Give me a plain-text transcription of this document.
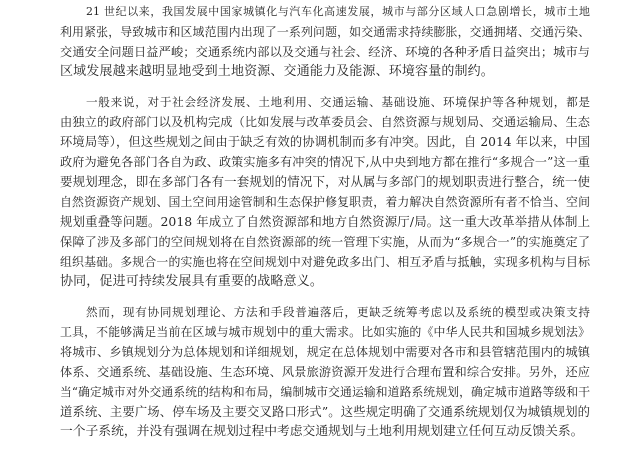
21 世纪以来，我国发展中国家城镇化与汽车化高速发展，城市与部分区域人口急剧增长，城市土地
利用紧张，导致城市和区域范围内出现了一系列问题，如交通需求持续膨胀，交通拥堵、交通污染、
交通安全问题日益严峻；交通系统内部以及交通与社会、经济、环境的各种矛盾日益突出；城市与
区域发展越来越明显地受到土地资源、交通能力及能源、环境容量的制约。
一般来说，对于社会经济发展、土地利用、交通运输、基础设施、环境保护等各种规划，都是
由独立的政府部门以及机构完成（比如发展与改革委员会、自然资源与规划局、交通运输局、生态
环境局等），但这些规划之间由于缺乏有效的协调机制而多有冲突。因此，自 2014 年以来，中国
政府为避免各部门各自为政、政策实施多有冲突的情况下,从中央到地方都在推行“多规合一”这一重
要规划理念，即在多部门各有一套规划的情况下，对从属与多部门的规划职责进行整合，统一使
自然资源资产规划、国土空间用途管制和生态保护修复职责，着力解决自然资源所有者不恰当、空间
规划重叠等问题。2018 年成立了自然资源部和地方自然资源厅/局。这一重大改革举措从体制上
保障了涉及多部门的空间规划将在自然资源部的统一管理下实施，从而为“多规合一”的实施奠定了
组织基础。多规合一的实施也将在空间规划中对避免政多出门、相互矛盾与抵触，实现多机构与目标
协同，促进可持续发展具有重要的战略意义。
然而，现有协同规划理论、方法和手段普遍落后，更缺乏统筹考虑以及系统的模型或决策支持
工具，不能够满足当前在区域与城市规划中的重大需求。比如实施的《中华人民共和国城乡规划法》
将城市、乡镇规划分为总体规划和详细规划，规定在总体规划中需要对各市和县管辖范围内的城镇
体系、交通系统、基础设施、生态环境、风景旅游资源开发进行合理布置和综合安排。另外，还应
当“确定城市对外交通系统的结构和布局，编制城市交通运输和道路系统规划，确定城市道路等级和干
道系统、主要广场、停车场及主要交叉路口形式”。这些规定明确了交通系统规划仅为城镇规划的
一个子系统，并没有强调在规划过程中考虑交通规划与土地利用规划建立任何互动反馈关系。
